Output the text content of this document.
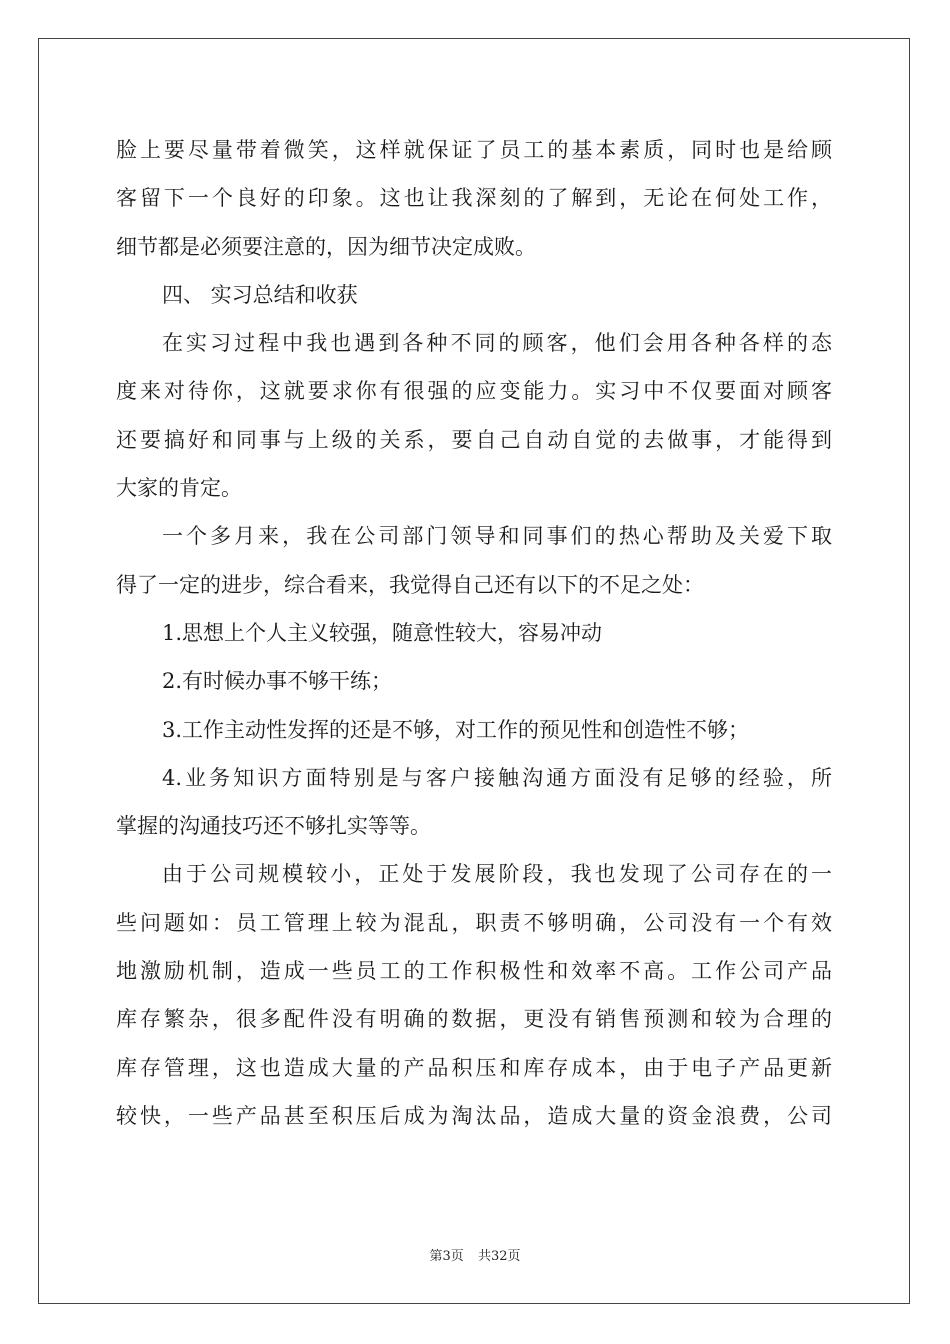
脸上要尽量带着微笑，这样就保证了员工的基本素质，同时也是给顾
客留下一个良好的印象。这也让我深刻的了解到，无论在何处工作，
细节都是必须要注意的，因为细节决定成败。
四、 实习总结和收获
在实习过程中我也遇到各种不同的顾客，他们会用各种各样的态
度来对待你，这就要求你有很强的应变能力。实习中不仅要面对顾客
还要搞好和同事与上级的关系，要自己自动自觉的去做事，才能得到
大家的肯定。
一个多月来，我在公司部门领导和同事们的热心帮助及关爱下取
得了一定的进步，综合看来，我觉得自己还有以下的不足之处：
1.思想上个人主义较强，随意性较大，容易冲动
2.有时候办事不够干练；
3.工作主动性发挥的还是不够，对工作的预见性和创造性不够；
4.业务知识方面特别是与客户接触沟通方面没有足够的经验，所
掌握的沟通技巧还不够扎实等等。
由于公司规模较小，正处于发展阶段，我也发现了公司存在的一
些问题如：员工管理上较为混乱，职责不够明确，公司没有一个有效
地激励机制，造成一些员工的工作积极性和效率不高。工作公司产品
库存繁杂，很多配件没有明确的数据，更没有销售预测和较为合理的
库存管理，这也造成大量的产品积压和库存成本，由于电子产品更新
较快，一些产品甚至积压后成为淘汰品，造成大量的资金浪费，公司
第3页 共32页
